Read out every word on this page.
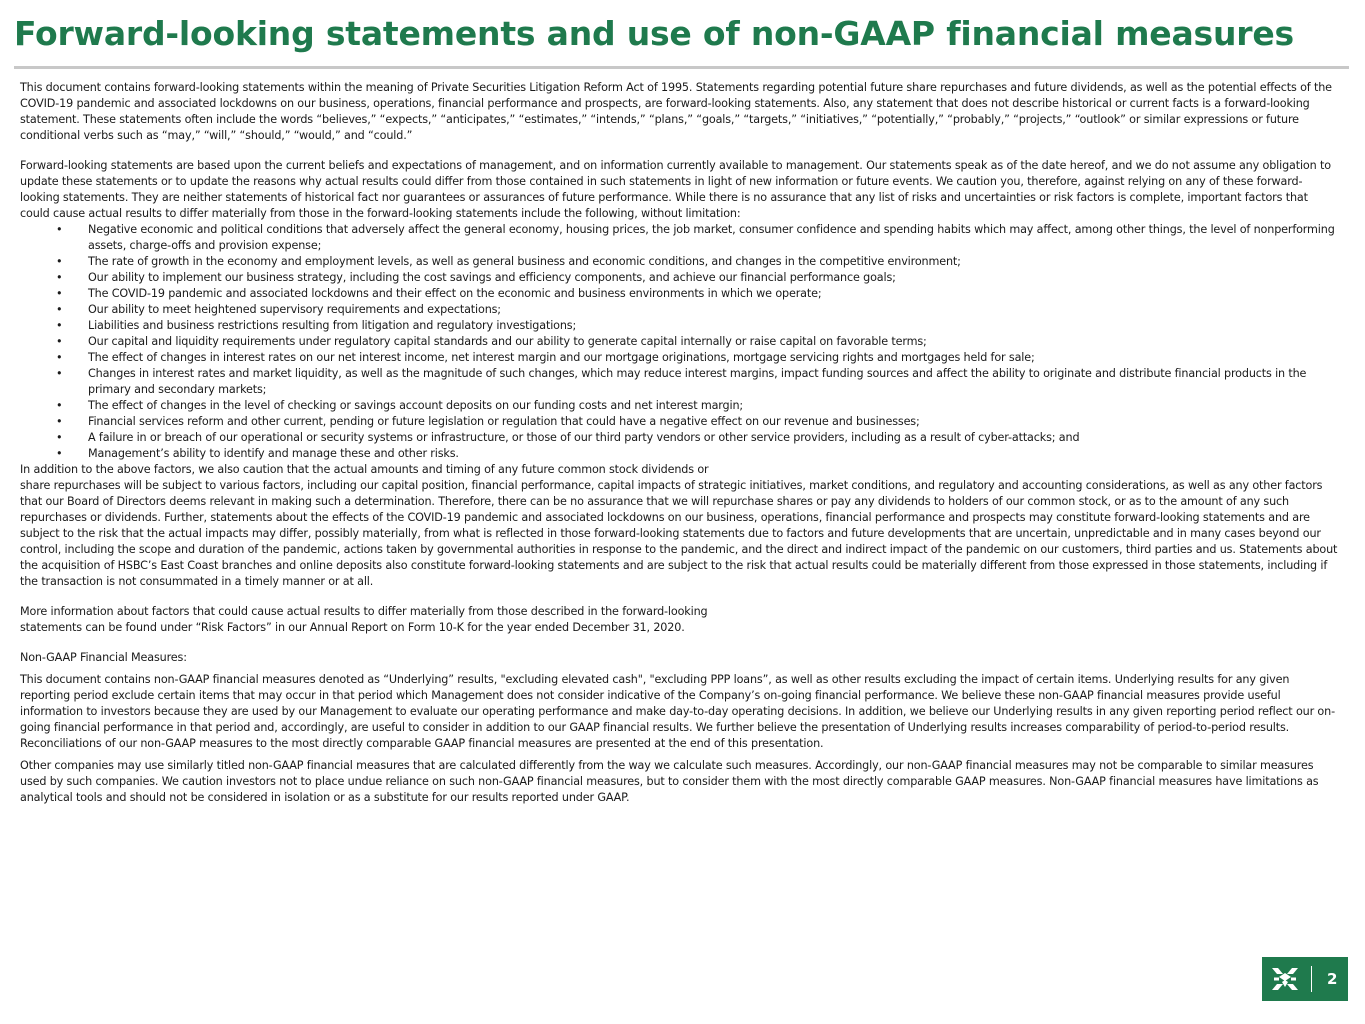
Forward-looking statements and use of non-GAAP financial measures

This document contains forward-looking statements within the meaning of Private Securities Litigation Reform Act of 1995. Statements regarding potential future share repurchases and future dividends, as well as the potential effects of the COVID-19 pandemic and associated lockdowns on our business, operations, financial performance and prospects, are forward-looking statements. Also, any statement that does not describe historical or current facts is a forward-looking statement. These statements often include the words “believes,” “expects,” “anticipates,” “estimates,” “intends,” “plans,” “goals,” “targets,” “initiatives,” “potentially,” “probably,” “projects,” “outlook” or similar expressions or future conditional verbs such as “may,” “will,” “should,” “would,” and “could.”

Forward-looking statements are based upon the current beliefs and expectations of management, and on information currently available to management. Our statements speak as of the date hereof, and we do not assume any obligation to update these statements or to update the reasons why actual results could differ from those contained in such statements in light of new information or future events. We caution you, therefore, against relying on any of these forward-looking statements. They are neither statements of historical fact nor guarantees or assurances of future performance. While there is no assurance that any list of risks and uncertainties or risk factors is complete, important factors that could cause actual results to differ materially from those in the forward-looking statements include the following, without limitation:

• Negative economic and political conditions that adversely affect the general economy, housing prices, the job market, consumer confidence and spending habits which may affect, among other things, the level of nonperforming assets, charge-offs and provision expense;
• The rate of growth in the economy and employment levels, as well as general business and economic conditions, and changes in the competitive environment;
• Our ability to implement our business strategy, including the cost savings and efficiency components, and achieve our financial performance goals;
• The COVID-19 pandemic and associated lockdowns and their effect on the economic and business environments in which we operate;
• Our ability to meet heightened supervisory requirements and expectations;
• Liabilities and business restrictions resulting from litigation and regulatory investigations;
• Our capital and liquidity requirements under regulatory capital standards and our ability to generate capital internally or raise capital on favorable terms;
• The effect of changes in interest rates on our net interest income, net interest margin and our mortgage originations, mortgage servicing rights and mortgages held for sale;
• Changes in interest rates and market liquidity, as well as the magnitude of such changes, which may reduce interest margins, impact funding sources and affect the ability to originate and distribute financial products in the primary and secondary markets;
• The effect of changes in the level of checking or savings account deposits on our funding costs and net interest margin;
• Financial services reform and other current, pending or future legislation or regulation that could have a negative effect on our revenue and businesses;
• A failure in or breach of our operational or security systems or infrastructure, or those of our third party vendors or other service providers, including as a result of cyber-attacks; and
• Management’s ability to identify and manage these and other risks.

In addition to the above factors, we also caution that the actual amounts and timing of any future common stock dividends or

share repurchases will be subject to various factors, including our capital position, financial performance, capital impacts of strategic initiatives, market conditions, and regulatory and accounting considerations, as well as any other factors that our Board of Directors deems relevant in making such a determination. Therefore, there can be no assurance that we will repurchase shares or pay any dividends to holders of our common stock, or as to the amount of any such repurchases or dividends. Further, statements about the effects of the COVID-19 pandemic and associated lockdowns on our business, operations, financial performance and prospects may constitute forward-looking statements and are subject to the risk that the actual impacts may differ, possibly materially, from what is reflected in those forward-looking statements due to factors and future developments that are uncertain, unpredictable and in many cases beyond our control, including the scope and duration of the pandemic, actions taken by governmental authorities in response to the pandemic, and the direct and indirect impact of the pandemic on our customers, third parties and us. Statements about the acquisition of HSBC’s East Coast branches and online deposits also constitute forward-looking statements and are subject to the risk that actual results could be materially different from those expressed in those statements, including if the transaction is not consummated in a timely manner or at all.

More information about factors that could cause actual results to differ materially from those described in the forward-looking

statements can be found under “Risk Factors” in our Annual Report on Form 10-K for the year ended December 31, 2020.

Non-GAAP Financial Measures:

This document contains non-GAAP financial measures denoted as “Underlying” results, "excluding elevated cash", "excluding PPP loans”, as well as other results excluding the impact of certain items. Underlying results for any given reporting period exclude certain items that may occur in that period which Management does not consider indicative of the Company’s on-going financial performance. We believe these non-GAAP financial measures provide useful information to investors because they are used by our Management to evaluate our operating performance and make day-to-day operating decisions. In addition, we believe our Underlying results in any given reporting period reflect our on-going financial performance in that period and, accordingly, are useful to consider in addition to our GAAP financial results. We further believe the presentation of Underlying results increases comparability of period-to-period results. Reconciliations of our non-GAAP measures to the most directly comparable GAAP financial measures are presented at the end of this presentation.

Other companies may use similarly titled non-GAAP financial measures that are calculated differently from the way we calculate such measures. Accordingly, our non-GAAP financial measures may not be comparable to similar measures used by such companies. We caution investors not to place undue reliance on such non-GAAP financial measures, but to consider them with the most directly comparable GAAP measures. Non-GAAP financial measures have limitations as analytical tools and should not be considered in isolation or as a substitute for our results reported under GAAP.

2
